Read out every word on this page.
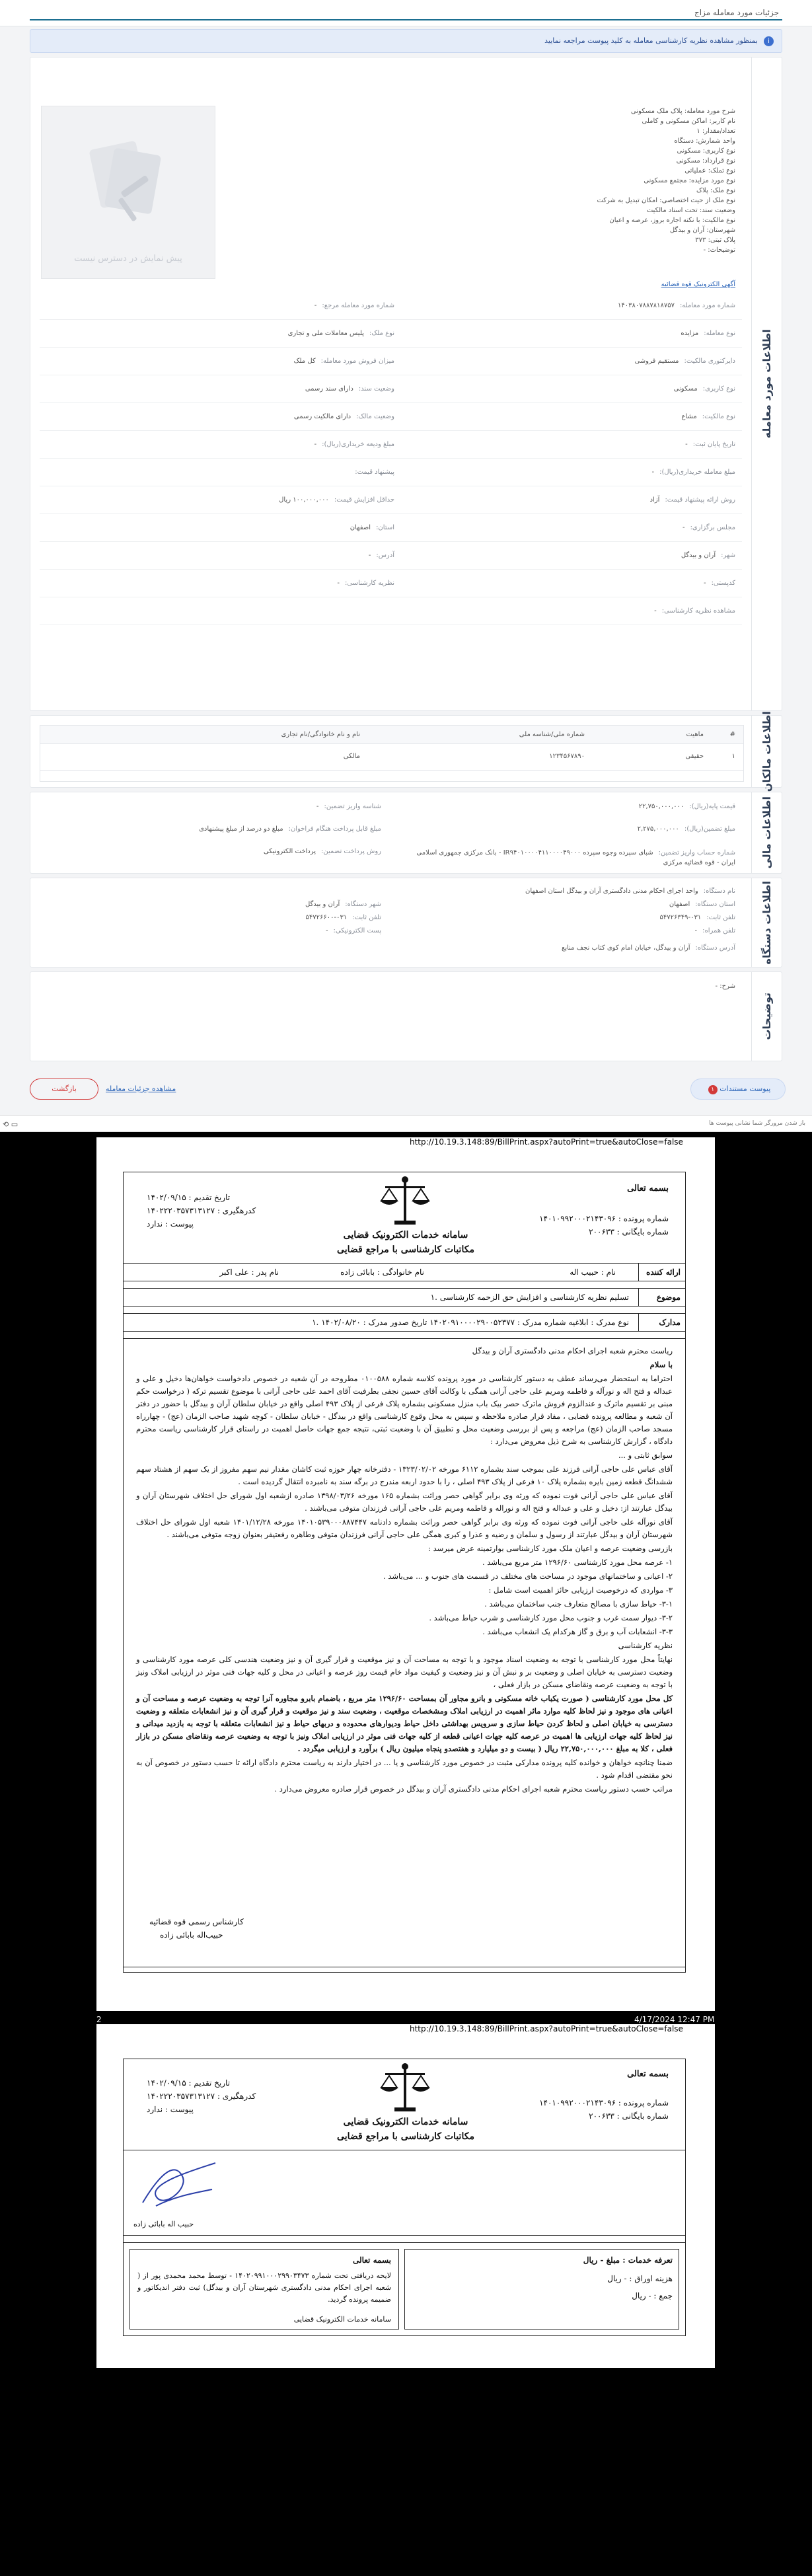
جزئیات مورد معامله مزاج
i
بمنظور مشاهده نظریه کارشناسی معامله به کلید پیوست مراجعه نمایید
اطلاعات مورد معامله
پیش نمایش در دسترس نیست
شرح مورد معامله: پلاک ملک مسکونی
نام کاربر: اماکن مسکونی و کاملی
تعداد/مقدار: ۱
واحد شمارش: دستگاه
نوع کاربری: مسکونی
نوع قرارداد: مسکونی
نوع تملک: عملیاتی
نوع مورد مزایده: مجتمع مسکونی
نوع ملک: پلاک
نوع ملک از حیث اختصاصی: امکان تبدیل به شرکت
وضعیت سند: تحت اسناد مالکیت
نوع مالکیت: با نکنه اجاره بروز، عرصه و اعیان
شهرستان: آران و بیدگل
پلاک ثبتی: ۳۷۳
توضیحات: -
آگهی الکترونیک قوه قضائیه
شماره مورد معامله:۱۴۰۳۸۰۷۸۸۷۸۱۸۷۵۷
شماره مورد معامله مرجع:-
نوع معامله:مزایده
نوع ملک:پلیس معاملات ملی و تجاری
دایرکتوری مالکیت:مستقیم فروشی
میزان فروش مورد معامله:کل ملک
نوع کاربری:مسکونی
وضعیت سند:دارای سند رسمی
نوع مالکیت:مشاع
وضعیت مالک:دارای مالکیت رسمی
تاریخ پایان ثبت:-
مبلغ ودیعه خریداری(ریال):-
مبلغ معامله خریداری(ریال):-
پیشنهاد قیمت:
روش ارائه پیشنهاد قیمت:آزاد
حداقل افزایش قیمت:۱۰۰,۰۰۰,۰۰۰ ریال
مجلس برگزاری:-
استان:اصفهان
شهر:آران و بیدگل
آدرس:-
کدپستی:-
نظریه کارشناسی:-
مشاهده نظریه کارشناسی:-
اطلاعات مالکان
#
ماهیت
شماره ملی/شناسه ملی
نام و نام خانوادگی/نام تجاری
۱
حقیقی
۱۲۳۴۵۶۷۸۹۰
مالکی
اطلاعات مالی
قیمت پایه(ریال):۲۲,۷۵۰,۰۰۰,۰۰۰
شناسه واریز تضمین:-
مبلغ تضمین(ریال):۲,۲۷۵,۰۰۰,۰۰۰
مبلغ قابل پرداخت هنگام فراخوان:مبلغ دو درصد از مبلغ پیشنهادی
شماره حساب واریز تضمین:شبای سپرده وجوه سپرده IR۹۴۰۱۰۰۰۰۴۱۱۰۰۰۰۴۹۰۰۰ - بانک مرکزی جمهوری اسلامی ایران - قوه قضائیه مرکزی
روش پرداخت تضمین:پرداخت الکترونیکی
اطلاعات دستگاه
نام دستگاه:واحد اجرای احکام مدنی دادگستری آران و بیدگل استان اصفهان
استان دستگاه:اصفهان
شهر دستگاه:آران و بیدگل
تلفن ثابت:۰۳۱-۵۴۷۲۶۳۴۹
تلفن ثابت:۰۳۱-۵۴۷۲۶۶۰۰
تلفن همراه:-
پست الکترونیکی:-
آدرس دستگاه:آران و بیدگل، خیابان امام کوی کتاب نجف منابع
توضیحات
شرح: -
۱ پیوست مستندات
مشاهده جزئیات معامله
بازگشت
⟲ ▭	باز شدن مرورگر شما نشانی پیوست ها
http://10.19.3.148:89/BillPrint.aspx?autoPrint=true&autoClose=false
بسمه تعالی
شماره پرونده : ۱۴۰۱۰۹۹۲۰۰۰۲۱۴۳۰۹۶
شماره بایگانی : ۲۰۰۶۳۳
تاریخ تقدیم : ۱۴۰۲/۰۹/۱۵
کدرهگیری : ۱۴۰۲۲۲۰۳۵۷۳۱۳۱۲۷
پیوست : ندارد
سامانه خدمات الکترونیک قضایی
مکاتبات کارشناسی با مراجع قضایی
ارائه کننده
نام : حبیب اله
نام خانوادگی : بابائی زاده
نام پدر : علی اکبر
موضوع
۱. تسلیم نظریه کارشناسی و افزایش حق الزحمه کارشناسی
مدارک
۱. نوع مدرک : ابلاغیه شماره مدرک : ۱۴۰۲۰۹۱۰۰۰۰۲۹۰۰۵۲۳۷۷ تاریخ صدور مدرک : ۱۴۰۲/۰۸/۲۰
ریاست محترم شعبه اجرای احکام مدنی دادگستری آران و بیدگل
با سلام
احتراما به استحضار می‌رساند عطف به دستور کارشناسی در مورد پرونده کلاسه شماره ۰۱۰۰۵۸۸ مطروحه در آن شعبه در خصوص دادخواست خواهان‌ها دخیل و علی و عبداله و فتح اله و نورآله و فاطمه ومریم علی حاجی آرانی همگی با وکالت آقای حسین نجفی بطرفیت آقای احمد علی حاجی آرانی با موضوع تقسیم ترکه ( درخواست حکم مبنی بر تقسیم ماترک و عندالزوم فروش ماترک حصر بیک باب منزل مسکونی بشماره پلاک فرعی از پلاک ۴۹۳ اصلی واقع در خیابان سلطان آران و بیدگل با حضور در دفتر آن شعبه و مطالعه پرونده قضایی ، مفاد قرار صادره ملاحظه و سپس به محل وقوع کارشناسی واقع در بیدگل - خیابان سلطان - کوچه شهید صاحب الزمان (عج) - چهارراه مسجد صاحب الزمان (عج) مراجعه و پس از بررسی وضعیت محل و تطبیق آن با وضعیت ثبتی، نتیجه جمع جهات حاصل اهمیت در راستای قرار کارشناسی ریاست محترم دادگاه ، گزارش کارشناسی به شرح ذیل معروض می‌دارد :
سوابق ثابتی و ...
آقای عباس علی حاجی آرانی فرزند علی بموجب سند بشماره ۶۱۱۲ مورخه ۱۳۲۳/۰۲/۰۲ - دفترخانه چهار حوزه ثبت کاشان مقدار نیم سهم مفروز از یک سهم از هشتاد سهم ششدانگ قطعه زمین بایره بشماره پلاک ۱۰ فرعی از پلاک ۴۹۳ اصلی ، را با حدود اربعه مندرج در برگه سند به نامبرده انتقال گردیده است .
آقای عباس علی حاجی آرانی فوت نموده که ورثه وی برابر گواهی حصر وراثت بشماره ۱۶۵ مورخه ۱۳۹۸/۰۳/۲۶ صادره ازشعبه اول شورای حل اختلاف شهرستان آران و بیدگل عبارتند از: دخیل و علی و عبداله و فتح اله و نوراله و فاطمه ومریم علی حاجی آرانی فرزندان متوفی می‌باشند .
آقای نورآله علی حاجی آرانی فوت نموده که ورثه وی برابر گواهی حصر وراثت بشماره دادنامه ۱۴۰۱۰۵۳۹۰۰۰۸۸۷۴۴۷ مورخه ۱۴۰۱/۱۲/۲۸ شعبه اول شورای حل اختلاف شهرستان آران و بیدگل عبارتند از رسول و سلمان و رضیه و عذرا و کبری همگی علی حاجی آرانی فرزندان متوفی وطاهره رفعتیفر بعنوان زوجه متوفی می‌باشند .
بازرسی وضعیت عرصه و اعیان ملک مورد کارشناسی بوارتمینه عرض میرسد :
۱- عرصه محل مورد کارشناسی ۱۲۹۶/۶۰ متر مربع می‌باشد .
۲- اعیانی و ساختمانهای موجود در مساحت های مختلف در قسمت های جنوب و ... می‌باشد .
۳- مواردی که درخوصیت ارزیابی حائز اهمیت است شامل :
۳-۱- حیاط سازی با مصالح متعارف جنب ساختمان می‌باشد .
۳-۲- دیوار سمت غرب و جنوب محل مورد کارشناسی و شرب حیاط می‌باشد .
۳-۳- انشعابات آب و برق و گاز هرکدام یک انشعاب می‌باشد .
نظریه کارشناسی
نهایتاً محل مورد کارشناسی با توجه به وضعیت اسناد موجود و با توجه به مساحت آن و نیز موقعیت و قرار گیری آن و نیز وضعیت هندسی کلی عرصه مورد کارشناسی و وضعیت دسترسی به خیابان اصلی و وضعیت بر و نبش آن و نیز وضعیت و کیفیت مواد خام قیمت روز عرصه و اعیانی در محل و کلیه جهات فنی موثر در ارزیابی املاک ونیز با توجه به وضعیت عرصه ونقاضای مسکن در بازار فعلی ،
کل محل مورد کارشناسی ( صورت یکباب خانه مسکونی و بانرو مجاور آن بمساحت ۱۲۹۶/۶۰ متر مربع ، باضمام بابرو مجاوره آنرا توجه به وضعیت عرصه و مساحت آن و اعیانی های موجود و نیز لحاظ کلیه موارد ماثر اهمیت در ارزیابی املاک ومشخصات موقعیت ، وضعیت سند و نیز موقعیت و قرار گیری آن و نیز انشعابات متعلقه و وضعیت دسترسی به خیابان اصلی و لحاظ کردن حیاط سازی و سرویس بهداشتی داخل حیاط ودیوارهای محدوده و دربهای حیاط و نیز انشعابات متعلقه با توجه به بازدید میدانی و نیز لحاظ کلیه جهات ارزیابی ها اهمیت در عرصه کلیه جهات اعیانی قطعه از کلیه جهات فنی موثر در ارزیابی املاک ونیز با توجه به وضعیت عرصه ونقاضای مسکن در بازار فعلی ، کلا به مبلغ ۲۲,۷۵۰,۰۰۰,۰۰۰ ریال ( بیست و دو میلیارد و هفتصدو پنجاه میلیون ریال ) برآورد و ارزیابی میگردد .
ضمنا چنانچه خواهان و خوانده کلیه پرونده مدارکی مثبت در خصوص مورد کارشناسی و یا ... در اختیار دارند به ریاست محترم دادگاه ارائه تا حسب دستور در خصوص آن به نحو مقتضی اقدام شود .
مراتب حسب دستور ریاست محترم شعبه اجرای احکام مدنی دادگستری آران و بیدگل در خصوص قرار صادره معروض می‌دارد .
کارشناس رسمی قوه قضائیه
حبیب‌اله بابائی زاده
2	4/17/2024 12:47 PM
http://10.19.3.148:89/BillPrint.aspx?autoPrint=true&autoClose=false
بسمه تعالی
شماره پرونده : ۱۴۰۱۰۹۹۲۰۰۰۲۱۴۳۰۹۶
شماره بایگانی : ۲۰۰۶۳۳
تاریخ تقدیم : ۱۴۰۲/۰۹/۱۵
کدرهگیری : ۱۴۰۲۲۲۰۳۵۷۳۱۳۱۲۷
پیوست : ندارد
سامانه خدمات الکترونیک قضایی
مکاتبات کارشناسی با مراجع قضایی
حبیب اله بابائی زاده
تعرفه خدمات : مبلغ - ریال
هزینه اوراق : - ریال
جمع : - ریال
بسمه تعالی
لایحه دریافتی تحت شماره ۱۴۰۲۰۹۹۱۰۰۰۲۹۹۰۳۴۷۳ - توسط محمد محمدی پور از ( شعبه اجرای احکام مدنی دادگستری شهرستان آران و بیدگل) ثبت دفتر اندیکاتور و ضمیمه پرونده گردید.
سامانه خدمات الکترونیک قضایی
چاپ
